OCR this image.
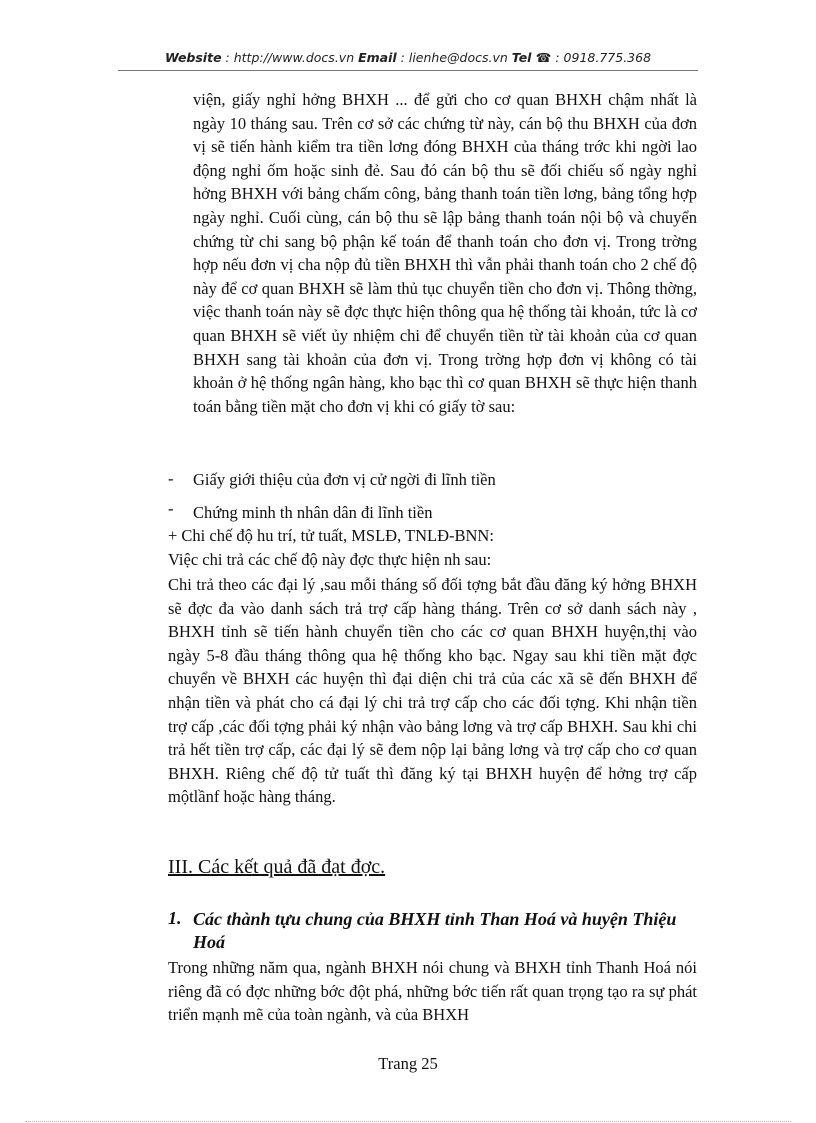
Website : http://www.docs.vn Email : lienhe@docs.vn Tel ☎ : 0918.775.368
viện, giấy nghỉ hởng BHXH ... để gửi cho cơ quan BHXH chậm nhất là ngày 10 tháng sau. Trên cơ sở các chứng từ này, cán bộ thu BHXH của đơn vị sẽ tiến hành kiểm tra tiền lơng đóng BHXH của tháng trớc khi ngời lao động nghỉ ốm hoặc sinh đẻ. Sau đó cán bộ thu sẽ đối chiếu số ngày nghỉ hởng BHXH với bảng chấm công, bảng thanh toán tiền lơng, bảng tổng hợp ngày nghỉ. Cuối cùng, cán bộ thu sẽ lập bảng thanh toán nội bộ và chuyển chứng từ chi sang bộ phận kế toán để thanh toán cho đơn vị. Trong trờng hợp nếu đơn vị cha nộp đủ tiền BHXH thì vẫn phải thanh toán cho 2 chế độ này để cơ quan BHXH sẽ làm thủ tục chuyển tiền cho đơn vị. Thông thờng, việc thanh toán này sẽ đợc thực hiện thông qua hệ thống tài khoản, tức là cơ quan BHXH sẽ viết ủy nhiệm chi để chuyển tiền từ tài khoản của cơ quan BHXH sang tài khoản của đơn vị. Trong trờng hợp đơn vị không có tài khoản ở hệ thống ngân hàng, kho bạc thì cơ quan BHXH sẽ thực hiện thanh toán bằng tiền mặt cho đơn vị khi có giấy tờ sau:
- Giấy giới thiệu của đơn vị cử ngời đi lĩnh tiền
- Chứng minh th nhân dân đi lĩnh tiền
+ Chi chế độ hu trí, tử tuất, MSLĐ, TNLĐ-BNN:
Việc chi trả các chế độ này đợc thực hiện nh sau:
Chi trả theo các đại lý ,sau mỗi tháng số đối tợng bắt đầu đăng ký hởng BHXH sẽ đợc đa vào danh sách trả trợ cấp hàng tháng. Trên cơ sở danh sách này , BHXH tỉnh sẽ tiến hành chuyển tiền cho các cơ quan BHXH huyện,thị vào ngày 5-8 đầu tháng thông qua hệ thống kho bạc. Ngay sau khi tiền mặt đợc chuyển về BHXH các huyện thì đại diện chi trả của các xã sẽ đến BHXH để nhận tiền và phát cho cá đại lý chi trả trợ cấp cho các đối tợng. Khi nhận tiền trợ cấp ,các đối tợng phải ký nhận vào bảng lơng và trợ cấp BHXH. Sau khi chi trả hết tiền trợ cấp, các đại lý sẽ đem nộp lại bảng lơng và trợ cấp cho cơ quan BHXH. Riêng chế độ tử tuất thì đăng ký tại BHXH huyện để hởng trợ cấp mộtlầnf hoặc hàng tháng.
III. Các kết quả đã đạt đợc.
1. Các thành tựu chung của BHXH tỉnh Than Hoá và huyện Thiệu Hoá
Trong những năm qua, ngành BHXH nói chung và BHXH tỉnh Thanh Hoá nói riêng đã có đợc những bớc đột phá, những bớc tiến rất quan trọng tạo ra sự phát triển mạnh mẽ của toàn ngành, và của BHXH
Trang 25
